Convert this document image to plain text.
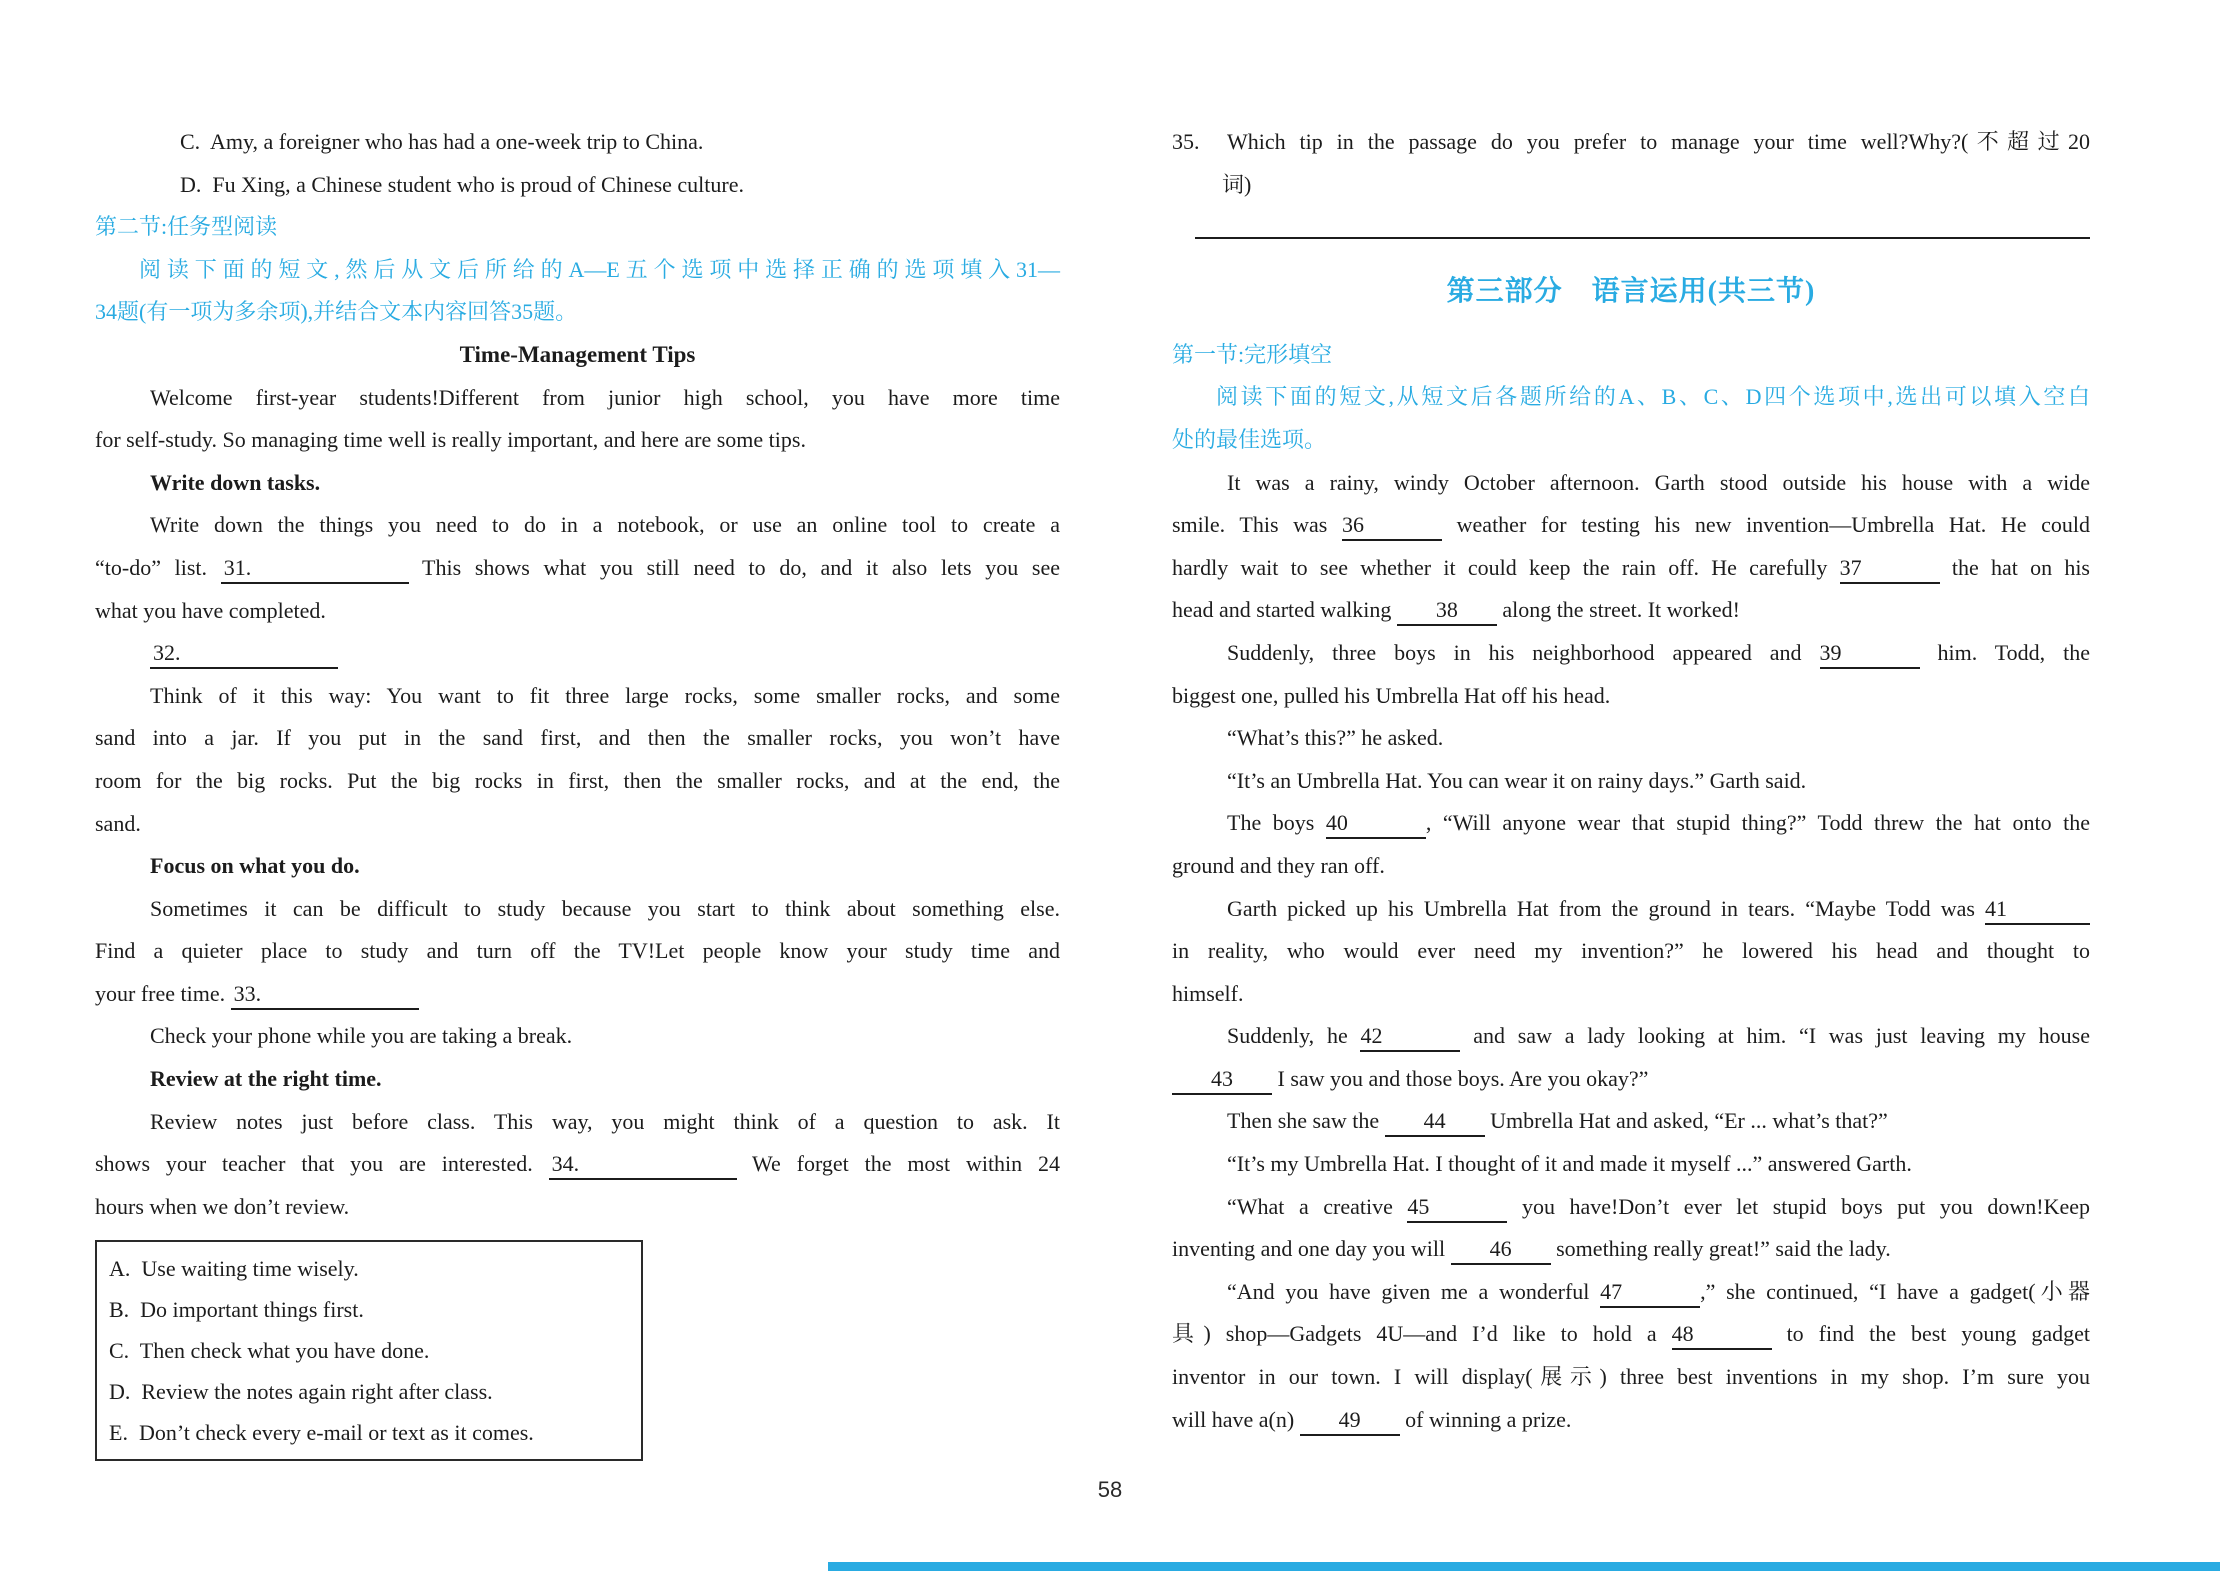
C.  Amy, a foreigner who has had a one-week trip to China.
D.  Fu Xing, a Chinese student who is proud of Chinese culture.
第二节:任务型阅读
阅读下面的短文,然后从文后所给的A—E五个选项中选择正确的选项填入31—
34题(有一项为多余项),并结合文本内容回答35题。
Time-Management Tips
Welcome first-year students!Different from junior high school, you have more time
for self-study. So managing time well is really important, and here are some tips.
Write down tasks.
Write down the things you need to do in a notebook, or use an online tool to create a
“to-do” list. 31.	This shows what you still need to do, and it also lets you see
what you have completed.
32.
Think of it this way: You want to fit three large rocks, some smaller rocks, and some
sand into a jar. If you put in the sand first, and then the smaller rocks, you won’t have
room for the big rocks. Put the big rocks in first, then the smaller rocks, and at the end, the
sand.
Focus on what you do.
Sometimes it can be difficult to study because you start to think about something else.
Find a quieter place to study and turn off the TV!Let people know your study time and
your free time. 33.
Check your phone while you are taking a break.
Review at the right time.
Review notes just before class. This way, you might think of a question to ask. It
shows your teacher that you are interested. 34.	We forget the most within 24
hours when we don’t review.
A.  Use waiting time wisely.
B.  Do important things first.
C.  Then check what you have done.
D.  Review the notes again right after class.
E.  Don’t check every e-mail or text as it comes.
35.  Which tip in the passage do you prefer to manage your time well?Why?(不超过20
词)
第三部分 语言运用(共三节)
第一节:完形填空
阅读下面的短文,从短文后各题所给的A、B、C、D四个选项中,选出可以填入空白
处的最佳选项。
It was a rainy, windy October afternoon. Garth stood outside his house with a wide
smile. This was 36	weather for testing his new invention—Umbrella Hat. He could
hardly wait to see whether it could keep the rain off. He carefully 37	the hat on his
head and started walking 38 along the street. It worked!
Suddenly, three boys in his neighborhood appeared and 39	him. Todd, the
biggest one, pulled his Umbrella Hat off his head.
“What’s this?” he asked.
“It’s an Umbrella Hat. You can wear it on rainy days.” Garth said.
The boys 40	, “Will anyone wear that stupid thing?” Todd threw the hat onto the
ground and they ran off.
Garth picked up his Umbrella Hat from the ground in tears. “Maybe Todd was 41
in reality, who would ever need my invention?” he lowered his head and thought to
himself.
Suddenly, he 42	and saw a lady looking at him. “I was just leaving my house
43 I saw you and those boys. Are you okay?”
Then she saw the 44 Umbrella Hat and asked, “Er ... what’s that?”
“It’s my Umbrella Hat. I thought of it and made it myself ...” answered Garth.
“What a creative 45	you have!Don’t ever let stupid boys put you down!Keep
inventing and one day you will 46 something really great!” said the lady.
“And you have given me a wonderful 47	,” she continued, “I have a gadget(小器
具) shop—Gadgets 4U—and I’d like to hold a 48	to find the best young gadget
inventor in our town. I will display(展示) three best inventions in my shop. I’m sure you
will have a(n) 49 of winning a prize.
58
